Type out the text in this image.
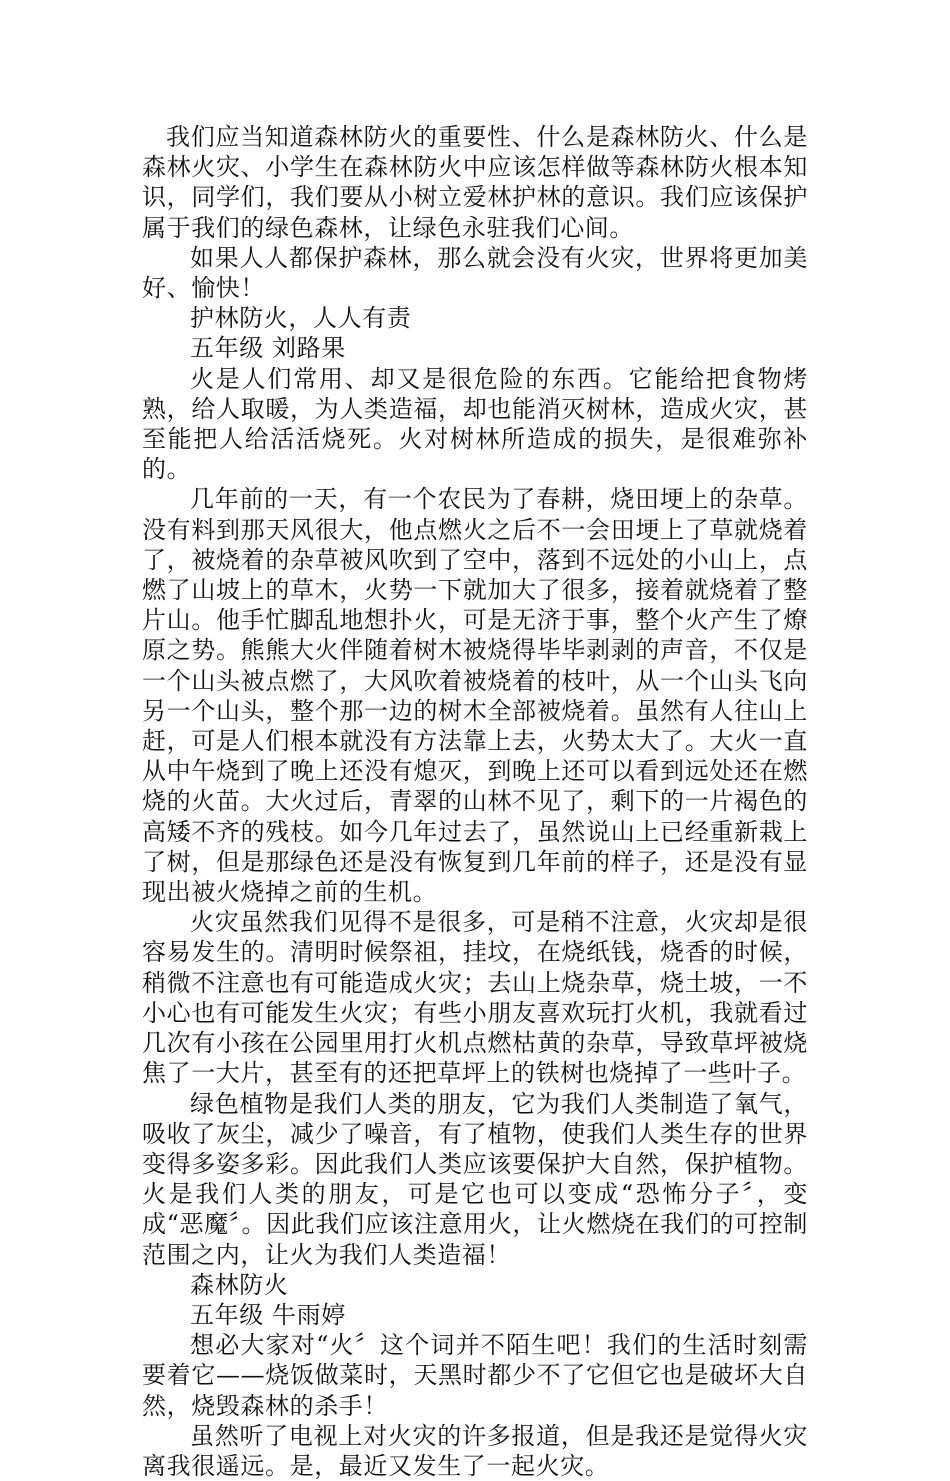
我们应当知道森林防火的重要性、什么是森林防火、什么是森林火灾、小学生在森林防火中应该怎样做等森林防火根本知识，同学们，我们要从小树立爱林护林的意识。我们应该保护属于我们的绿色森林，让绿色永驻我们心间。

如果人人都保护森林，那么就会没有火灾，世界将更加美好、愉快！

护林防火，人人有责

五年级 刘路果

火是人们常用、却又是很危险的东西。它能给把食物烤熟，给人取暖，为人类造福，却也能消灭树林，造成火灾，甚至能把人给活活烧死。火对树林所造成的损失，是很难弥补的。

几年前的一天，有一个农民为了春耕，烧田埂上的杂草。没有料到那天风很大，他点燃火之后不一会田埂上了草就烧着了，被烧着的杂草被风吹到了空中，落到不远处的小山上，点燃了山坡上的草木，火势一下就加大了很多，接着就烧着了整片山。他手忙脚乱地想扑火，可是无济于事，整个火产生了燎原之势。熊熊大火伴随着树木被烧得毕毕剥剥的声音，不仅是一个山头被点燃了，大风吹着被烧着的枝叶，从一个山头飞向另一个山头，整个那一边的树木全部被烧着。虽然有人往山上赶，可是人们根本就没有方法靠上去，火势太大了。大火一直从中午烧到了晚上还没有熄灭，到晚上还可以看到远处还在燃烧的火苗。大火过后，青翠的山林不见了，剩下的一片褐色的高矮不齐的残枝。如今几年过去了，虽然说山上已经重新栽上了树，但是那绿色还是没有恢复到几年前的样子，还是没有显现出被火烧掉之前的生机。

火灾虽然我们见得不是很多，可是稍不注意，火灾却是很容易发生的。清明时候祭祖，挂坟，在烧纸钱，烧香的时候，稍微不注意也有可能造成火灾；去山上烧杂草，烧土坡，一不小心也有可能发生火灾；有些小朋友喜欢玩打火机，我就看过几次有小孩在公园里用打火机点燃枯黄的杂草，导致草坪被烧焦了一大片，甚至有的还把草坪上的铁树也烧掉了一些叶子。

绿色植物是我们人类的朋友，它为我们人类制造了氧气，吸收了灰尘，减少了噪音，有了植物，使我们人类生存的世界变得多姿多彩。因此我们人类应该要保护大自然，保护植物。火是我们人类的朋友，可是它也可以变成“恐怖分子〞，变成“恶魔〞。因此我们应该注意用火，让火燃烧在我们的可控制范围之内，让火为我们人类造福！

森林防火

五年级 牛雨婷

想必大家对“火〞这个词并不陌生吧！我们的生活时刻需要着它——烧饭做菜时，天黑时都少不了它但它也是破坏大自然，烧毁森林的杀手！

虽然听了电视上对火灾的许多报道，但是我还是觉得火灾离我很遥远。是，最近又发生了一起火灾。
